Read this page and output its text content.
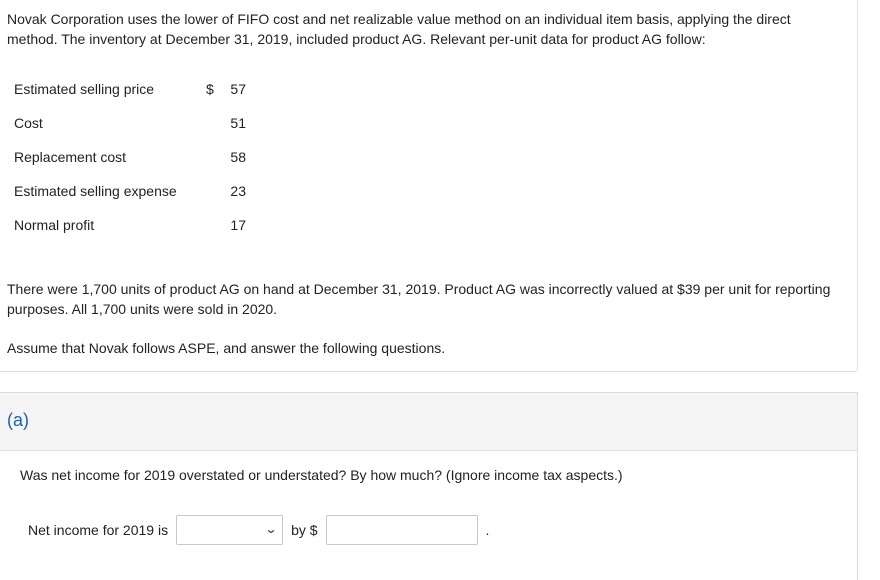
Novak Corporation uses the lower of FIFO cost and net realizable value method on an individual item basis, applying the direct method. The inventory at December 31, 2019, included product AG. Relevant per-unit data for product AG follow:

Estimated selling price	$	57
Cost		51
Replacement cost		58
Estimated selling expense		23
Normal profit		17

There were 1,700 units of product AG on hand at December 31, 2019. Product AG was incorrectly valued at $39 per unit for reporting purposes. All 1,700 units were sold in 2020.

Assume that Novak follows ASPE, and answer the following questions.

(a)

Was net income for 2019 overstated or understated? By how much? (Ignore income tax aspects.)

Net income for 2019 is	⌄ by $	.
